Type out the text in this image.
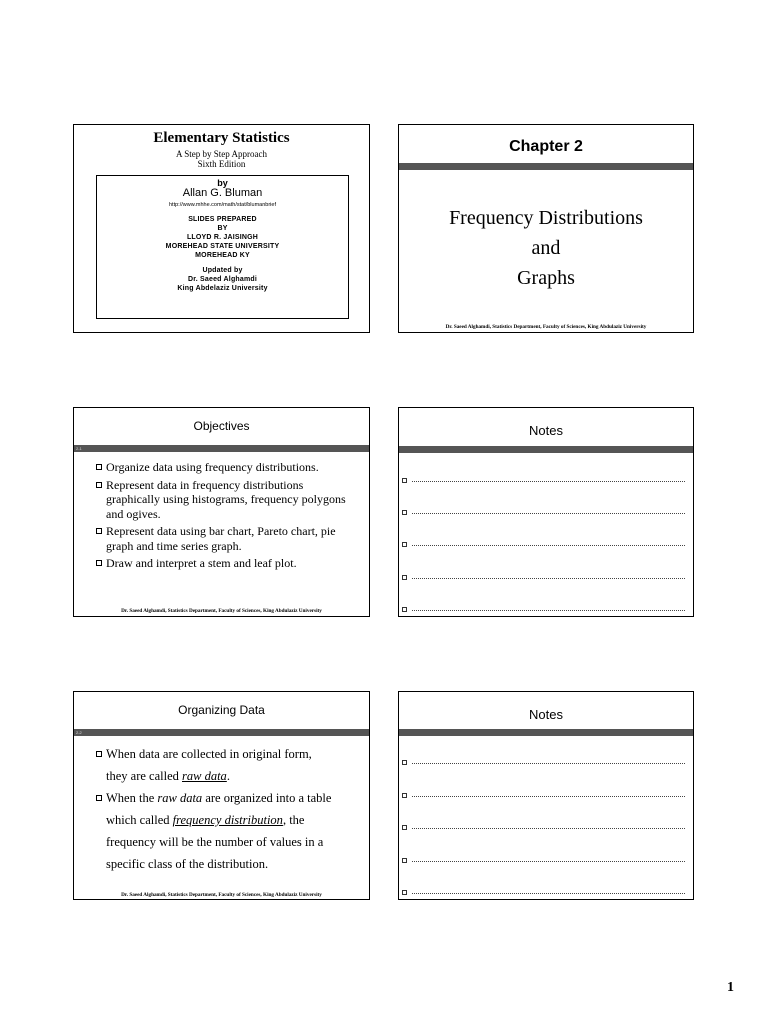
Elementary Statistics
A Step by Step Approach
Sixth Edition
by
Allan G. Bluman
http://www.mhhe.com/math/stat/blumanbrief
SLIDES PREPARED
BY
LLOYD R. JAISINGH
MOREHEAD STATE UNIVERSITY
MOREHEAD KY
Updated by
Dr. Saeed Alghamdi
King Abdelaziz University
Chapter 2
Frequency Distributions
and
Graphs
Dr. Saeed Alghamdi, Statistics Department, Faculty of Sciences, King Abdulaziz University
Objectives
2-1
Organize data using frequency distributions.
Represent data in frequency distributions graphically using histograms, frequency polygons and ogives.
Represent data using bar chart, Pareto chart, pie graph and time series graph.
Draw and interpret a stem and leaf plot.
Dr. Saeed Alghamdi, Statistics Department, Faculty of Sciences, King Abdulaziz University
Notes
Organizing Data
2-2
When data are collected in original form,
they are called raw data.
When the raw data are organized into a table
which called frequency distribution, the
frequency will be the number of values in a
specific class of the distribution.
Dr. Saeed Alghamdi, Statistics Department, Faculty of Sciences, King Abdulaziz University
Notes
1
